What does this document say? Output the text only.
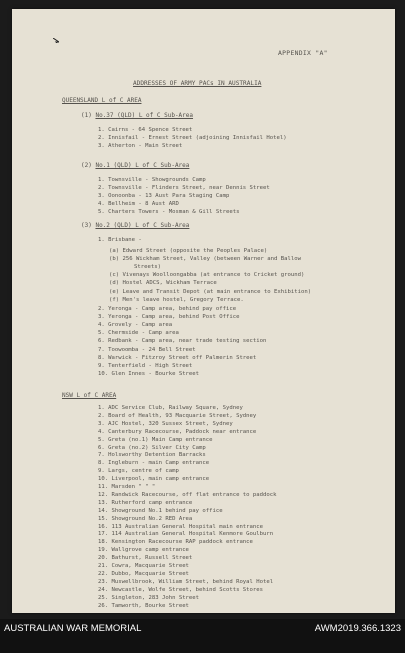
APPENDIX "A"
ADDRESSES OF ARMY PACs IN AUSTRALIA
QUEENSLAND L of C AREA
(1) No.37 (QLD) L of C Sub-Area
1. Cairns - 64 Spence Street
2. Innisfail - Ernest Street (adjoining Innisfail Hotel)
3. Atherton - Main Street
(2) No.1 (QLD) L of C Sub-Area
1. Townsville - Showgrounds Camp
2. Townsville - Flinders Street, near Dennis Street
3. Oonoonba - 13 Aust Para Staging Camp
4. Bellheim - 8 Aust ARD
5. Charters Towers - Mosman & Gill Streets
(3) No.2 (QLD) L of C Sub-Area
1. Brisbane -
(a) Edward Street (opposite the Peoples Palace)
(b) 256 Wickham Street, Valley (between Warner and Ballow
Streets)
(c) Vivenays Woolloongabba (at entrance to Cricket ground)
(d) Hostel ADCS, Wickham Terrace
(e) Leave and Transit Depot (at main entrance to Exhibition)
(f) Men's leave hostel, Gregory Terrace.
2. Yeronga - Camp area, behind pay office
3. Yeronga - Camp area, behind Post Office
4. Grovely - Camp area
5. Chermside - Camp area
6. Redbank - Camp area, near trade testing section
7. Toowoomba - 24 Bell Street
8. Warwick - Fitzroy Street off Palmerin Street
9. Tenterfield - High Street
10. Glen Innes - Bourke Street
NSW L of C AREA
1. ADC Service Club, Railway Square, Sydney
2. Board of Health, 93 Macquarie Street, Sydney
3. AJC Hostel, 320 Sussex Street, Sydney
4. Canterbury Racecourse, Paddock near entrance
5. Greta (no.1) Main Camp entrance
6. Greta (no.2) Silver City Camp
7. Holsworthy Detention Barracks
8. Ingleburn - main Camp entrance
9. Largs, centre of camp
10. Liverpool, main camp entrance
11. Marsden " " "
12. Randwick Racecourse, off flat entrance to paddock
13. Rutherford camp entrance
14. Showground No.1 behind pay office
15. Showground No.2 RED Area
16. 113 Australian General Hospital main entrance
17. 114 Australian General Hospital Kenmore Goulburn
18. Kensington Racecourse RAP paddock entrance
19. Wallgrove camp entrance
20. Bathurst, Russell Street
21. Cowra, Macquarie Street
22. Dubbo, Macquarie Street
23. Muswellbrook, William Street, behind Royal Hotel
24. Newcastle, Wolfe Street, behind Scotts Stores
25. Singleton, 283 John Street
26. Tamworth, Bourke Street
AUSTRALIAN WAR MEMORIAL	AWM2019.366.1323
